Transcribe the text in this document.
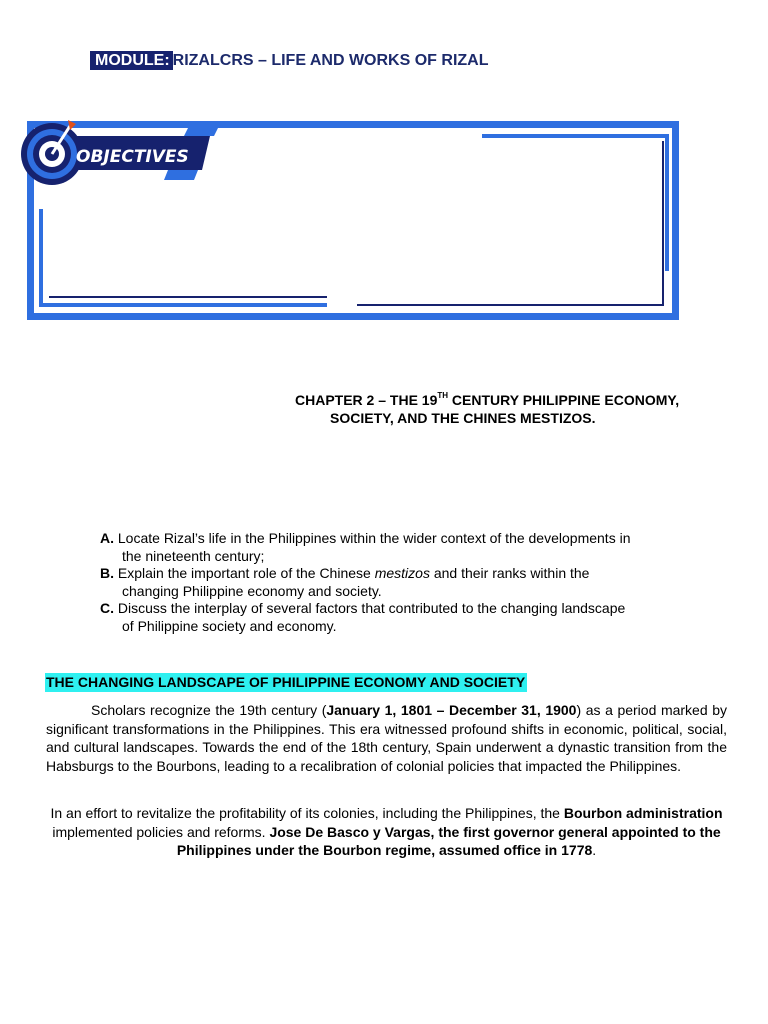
MODULE: RIZALCRS – LIFE AND WORKS OF RIZAL
OBJECTIVES
CHAPTER 2 – THE 19TH CENTURY PHILIPPINE ECONOMY,
SOCIETY, AND THE CHINES MESTIZOS.
A. Locate Rizal’s life in the Philippines within the wider context of the developments in
the nineteenth century;
B. Explain the important role of the Chinese mestizos and their ranks within the
changing Philippine economy and society.
C. Discuss the interplay of several factors that contributed to the changing landscape
of Philippine society and economy.
THE CHANGING LANDSCAPE OF PHILIPPINE ECONOMY AND SOCIETY
Scholars recognize the 19th century (January 1, 1801 – December 31, 1900) as a period marked by significant transformations in the Philippines. This era witnessed profound shifts in economic, political, social, and cultural landscapes. Towards the end of the 18th century, Spain underwent a dynastic transition from the Habsburgs to the Bourbons, leading to a recalibration of colonial policies that impacted the Philippines.
In an effort to revitalize the profitability of its colonies, including the Philippines, the Bourbon administration implemented policies and reforms. Jose De Basco y Vargas, the first governor general appointed to the Philippines under the Bourbon regime, assumed office in 1778.
